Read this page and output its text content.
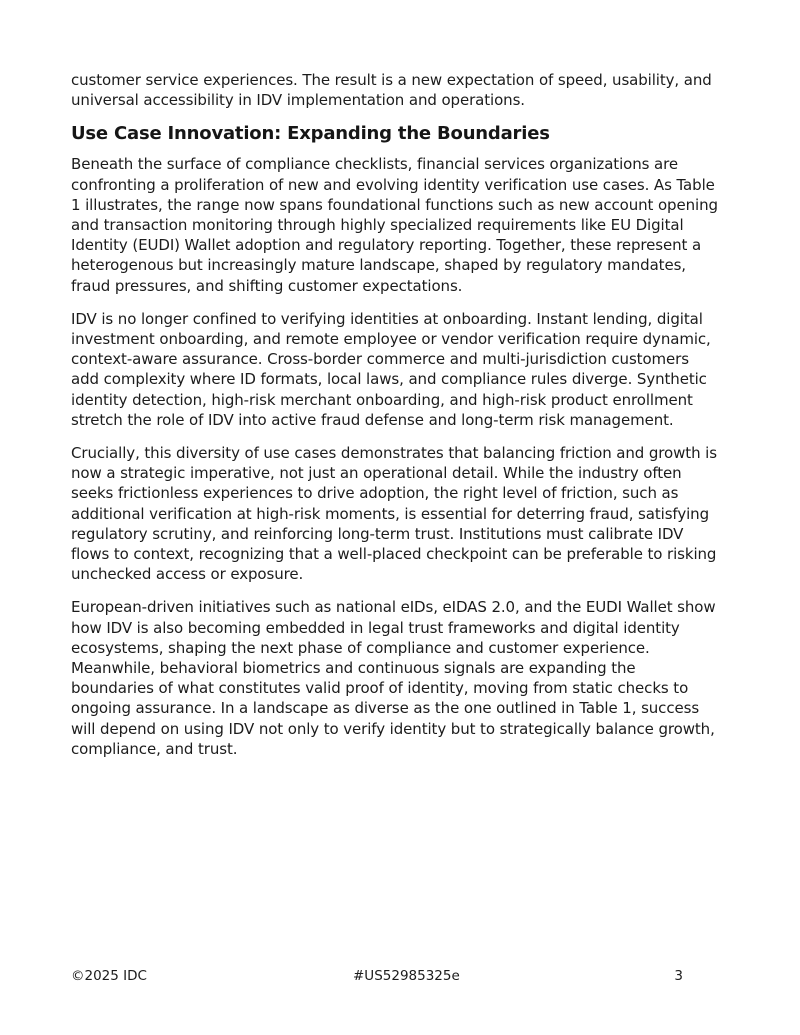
customer service experiences. The result is a new expectation of speed, usability, and universal accessibility in IDV implementation and operations.

Use Case Innovation: Expanding the Boundaries

Beneath the surface of compliance checklists, financial services organizations are confronting a proliferation of new and evolving identity verification use cases. As Table 1 illustrates, the range now spans foundational functions such as new account opening and transaction monitoring through highly specialized requirements like EU Digital Identity (EUDI) Wallet adoption and regulatory reporting. Together, these represent a heterogenous but increasingly mature landscape, shaped by regulatory mandates, fraud pressures, and shifting customer expectations.

IDV is no longer confined to verifying identities at onboarding. Instant lending, digital investment onboarding, and remote employee or vendor verification require dynamic, context-aware assurance. Cross-border commerce and multi-jurisdiction customers add complexity where ID formats, local laws, and compliance rules diverge. Synthetic identity detection, high-risk merchant onboarding, and high-risk product enrollment stretch the role of IDV into active fraud defense and long-term risk management.

Crucially, this diversity of use cases demonstrates that balancing friction and growth is now a strategic imperative, not just an operational detail. While the industry often seeks frictionless experiences to drive adoption, the right level of friction, such as additional verification at high-risk moments, is essential for deterring fraud, satisfying regulatory scrutiny, and reinforcing long-term trust. Institutions must calibrate IDV flows to context, recognizing that a well-placed checkpoint can be preferable to risking unchecked access or exposure.

European-driven initiatives such as national eIDs, eIDAS 2.0, and the EUDI Wallet show how IDV is also becoming embedded in legal trust frameworks and digital identity ecosystems, shaping the next phase of compliance and customer experience. Meanwhile, behavioral biometrics and continuous signals are expanding the boundaries of what constitutes valid proof of identity, moving from static checks to ongoing assurance. In a landscape as diverse as the one outlined in Table 1, success will depend on using IDV not only to verify identity but to strategically balance growth, compliance, and trust.

©2025 IDC	#US52985325e	3
